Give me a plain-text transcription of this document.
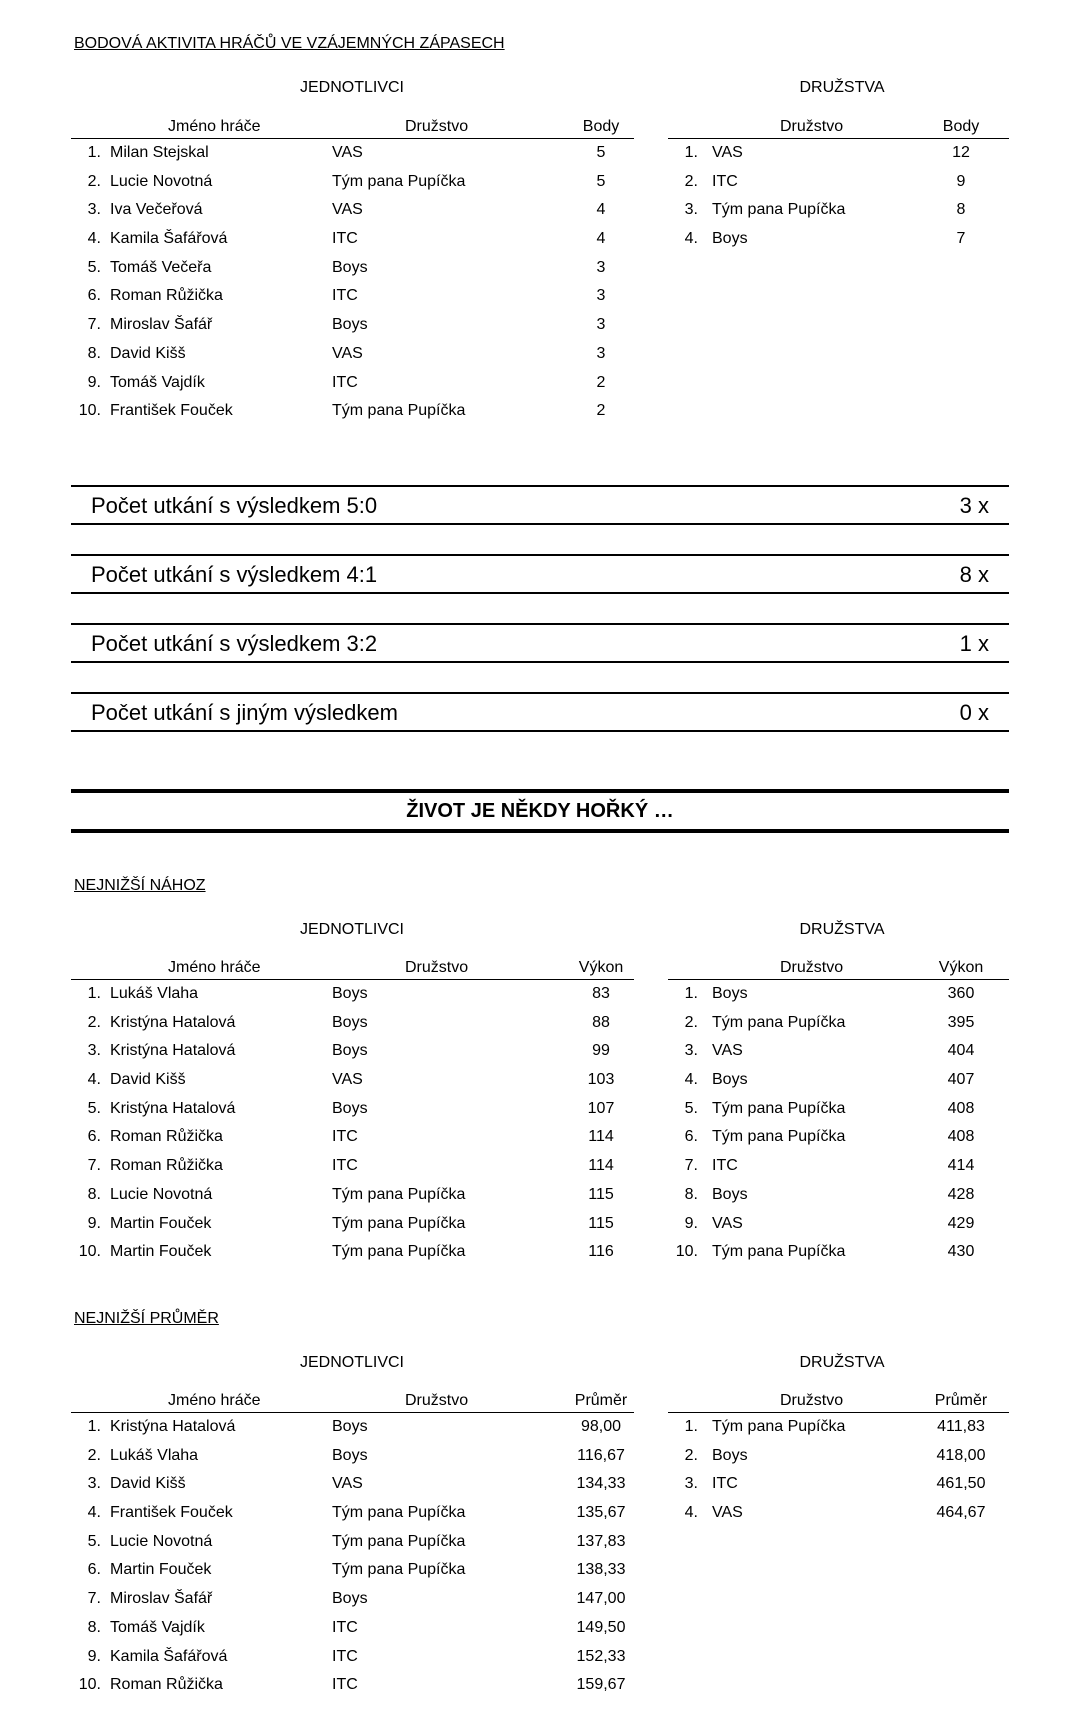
BODOVÁ AKTIVITA HRÁČŮ VE VZÁJEMNÝCH ZÁPASECH
JEDNOTLIVCI	DRUŽSTVA
Jméno hráče	Družstvo	Body
1. Milan Stejskal	VAS	5
2. Lucie Novotná	Tým pana Pupíčka	5
3. Iva Večeřová	VAS	4
4. Kamila Šafářová	ITC	4
5. Tomáš Večeřa	Boys	3
6. Roman Růžička	ITC	3
7. Miroslav Šafář	Boys	3
8. David Kišš	VAS	3
9. Tomáš Vajdík	ITC	2
10. František Fouček	Tým pana Pupíčka	2
Družstvo	Body
1. VAS	12
2. ITC	9
3. Tým pana Pupíčka	8
4. Boys	7
Počet utkání s výsledkem 5:0	3 x
Počet utkání s výsledkem 4:1	8 x
Počet utkání s výsledkem 3:2	1 x
Počet utkání s jiným výsledkem	0 x
ŽIVOT JE NĚKDY HOŘKÝ …
NEJNIŽŠÍ NÁHOZ
JEDNOTLIVCI	DRUŽSTVA
Jméno hráče	Družstvo	Výkon
1. Lukáš Vlaha	Boys	83
2. Kristýna Hatalová	Boys	88
3. Kristýna Hatalová	Boys	99
4. David Kišš	VAS	103
5. Kristýna Hatalová	Boys	107
6. Roman Růžička	ITC	114
7. Roman Růžička	ITC	114
8. Lucie Novotná	Tým pana Pupíčka	115
9. Martin Fouček	Tým pana Pupíčka	115
10. Martin Fouček	Tým pana Pupíčka	116
Družstvo	Výkon
1. Boys	360
2. Tým pana Pupíčka	395
3. VAS	404
4. Boys	407
5. Tým pana Pupíčka	408
6. Tým pana Pupíčka	408
7. ITC	414
8. Boys	428
9. VAS	429
10. Tým pana Pupíčka	430
NEJNIŽŠÍ PRŮMĚR
JEDNOTLIVCI	DRUŽSTVA
Jméno hráče	Družstvo	Průměr
1. Kristýna Hatalová	Boys	98,00
2. Lukáš Vlaha	Boys	116,67
3. David Kišš	VAS	134,33
4. František Fouček	Tým pana Pupíčka	135,67
5. Lucie Novotná	Tým pana Pupíčka	137,83
6. Martin Fouček	Tým pana Pupíčka	138,33
7. Miroslav Šafář	Boys	147,00
8. Tomáš Vajdík	ITC	149,50
9. Kamila Šafářová	ITC	152,33
10. Roman Růžička	ITC	159,67
Družstvo	Průměr
1. Tým pana Pupíčka	411,83
2. Boys	418,00
3. ITC	461,50
4. VAS	464,67
